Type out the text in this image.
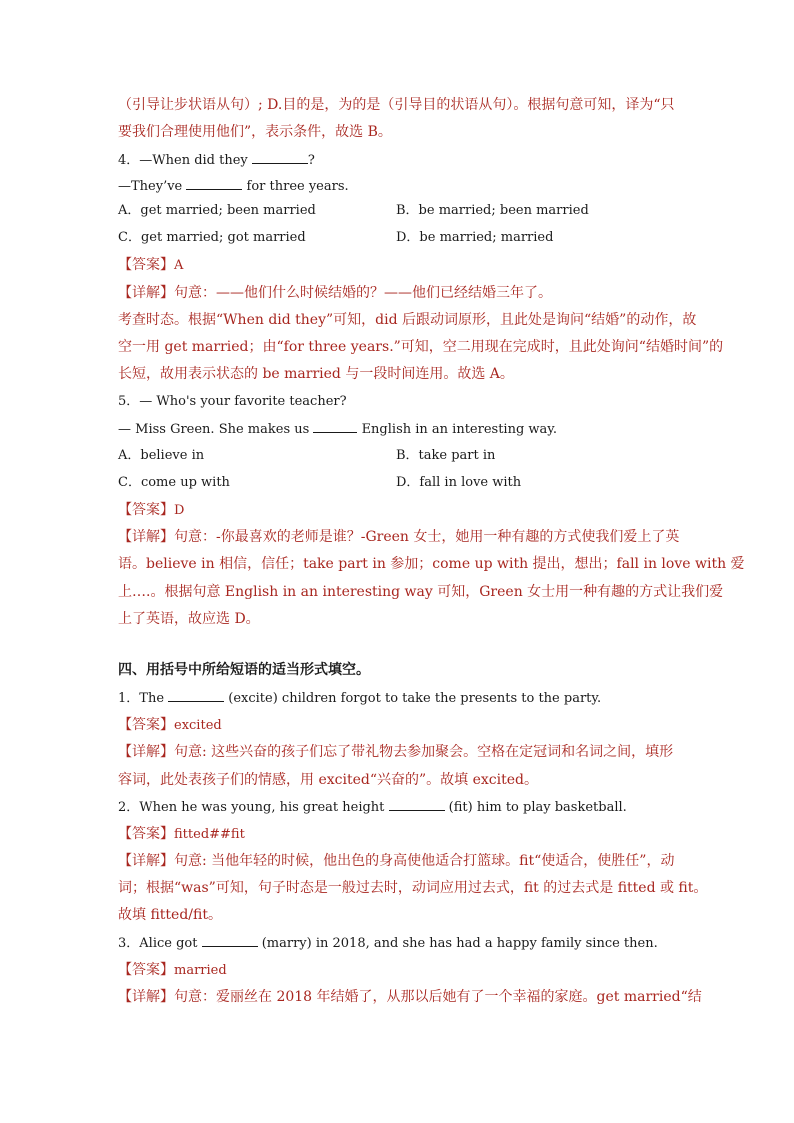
（引导让步状语从句）; D.目的是，为的是（引导目的状语从句）。根据句意可知，译为“只
要我们合理使用他们”，表示条件，故选 B。
4．—When did they	?
—They’ve	for three years.
A．get married; been married	B．be married; been married
C．get married; got married	D．be married; married
【答案】A
【详解】句意：——他们什么时候结婚的？——他们已经结婚三年了。
考查时态。根据“When did they”可知，did 后跟动词原形，且此处是询问“结婚”的动作，故
空一用 get married；由“for three years.”可知，空二用现在完成时，且此处询问“结婚时间”的
长短，故用表示状态的 be married 与一段时间连用。故选 A。
5．— Who's your favorite teacher?
— Miss Green. She makes us	English in an interesting way.
A．believe in	B．take part in
C．come up with	D．fall in love with
【答案】D
【详解】句意：-你最喜欢的老师是谁？-Green 女士，她用一种有趣的方式使我们爱上了英
语。believe in 相信，信任；take part in 参加；come up with 提出，想出；fall in love with 爱
上….。根据句意 English in an interesting way 可知，Green 女士用一种有趣的方式让我们爱
上了英语，故应选 D。
四、用括号中所给短语的适当形式填空。
1．The	(excite) children forgot to take the presents to the party.
【答案】excited
【详解】句意: 这些兴奋的孩子们忘了带礼物去参加聚会。空格在定冠词和名词之间，填形
容词，此处表孩子们的情感，用 excited“兴奋的”。故填 excited。
2．When he was young, his great height	(fit) him to play basketball.
【答案】fitted##fit
【详解】句意: 当他年轻的时候，他出色的身高使他适合打篮球。fit“使适合，使胜任”，动
词；根据“was”可知，句子时态是一般过去时，动词应用过去式，fit 的过去式是 fitted 或 fit。
故填 fitted/fit。
3．Alice got	(marry) in 2018, and she has had a happy family since then.
【答案】married
【详解】句意：爱丽丝在 2018 年结婚了，从那以后她有了一个幸福的家庭。get married“结
